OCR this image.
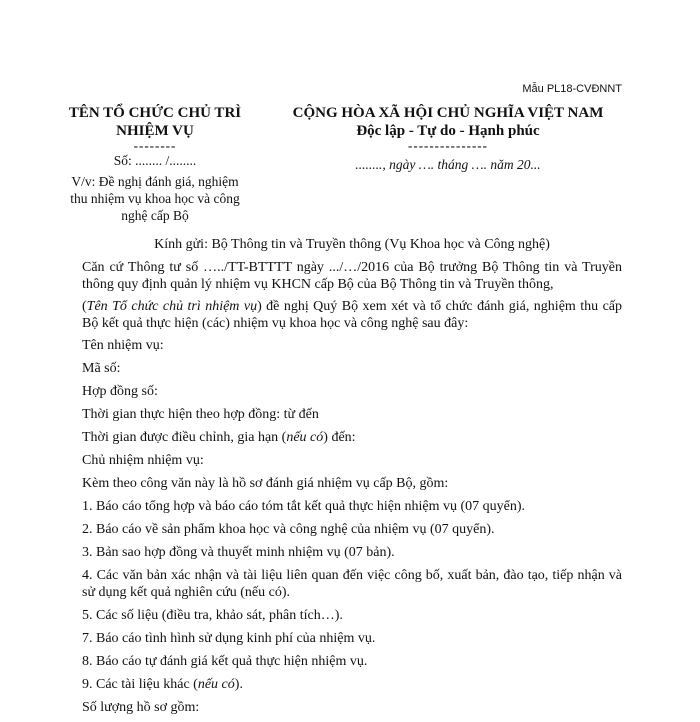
Mẫu PL18-CVĐNNT
TÊN TỔ CHỨC CHỦ TRÌ
NHIỆM VỤ
--------
Số: ........ /........
V/v: Đề nghị đánh giá, nghiệm
thu nhiệm vụ khoa học và công
nghệ cấp Bộ
CỘNG HÒA XÃ HỘI CHỦ NGHĨA VIỆT NAM
Độc lập - Tự do - Hạnh phúc
---------------
........, ngày …. tháng …. năm 20...
Kính gửi: Bộ Thông tin và Truyền thông (Vụ Khoa học và Công nghệ)

Căn cứ Thông tư số …../TT-BTTTT ngày .../…/2016 của Bộ trưởng Bộ Thông tin và Truyền thông quy định quản lý nhiệm vụ KHCN cấp Bộ của Bộ Thông tin và Truyền thông,

(Tên Tổ chức chủ trì nhiệm vụ) đề nghị Quý Bộ xem xét và tổ chức đánh giá, nghiệm thu cấp Bộ kết quả thực hiện (các) nhiệm vụ khoa học và công nghệ sau đây:

Tên nhiệm vụ:
Mã số:
Hợp đồng số:
Thời gian thực hiện theo hợp đồng: từ đến
Thời gian được điều chỉnh, gia hạn (nếu có) đến:
Chủ nhiệm nhiệm vụ:
Kèm theo công văn này là hồ sơ đánh giá nhiệm vụ cấp Bộ, gồm:
1. Báo cáo tổng hợp và báo cáo tóm tắt kết quả thực hiện nhiệm vụ (07 quyển).
2. Báo cáo về sản phẩm khoa học và công nghệ của nhiệm vụ (07 quyển).
3. Bản sao hợp đồng và thuyết minh nhiệm vụ (07 bản).
4. Các văn bản xác nhận và tài liệu liên quan đến việc công bố, xuất bản, đào tạo, tiếp nhận và sử dụng kết quả nghiên cứu (nếu có).
5. Các số liệu (điều tra, khảo sát, phân tích…).
7. Báo cáo tình hình sử dụng kinh phí của nhiệm vụ.
8. Báo cáo tự đánh giá kết quả thực hiện nhiệm vụ.
9. Các tài liệu khác (nếu có).
Số lượng hồ sơ gồm:
